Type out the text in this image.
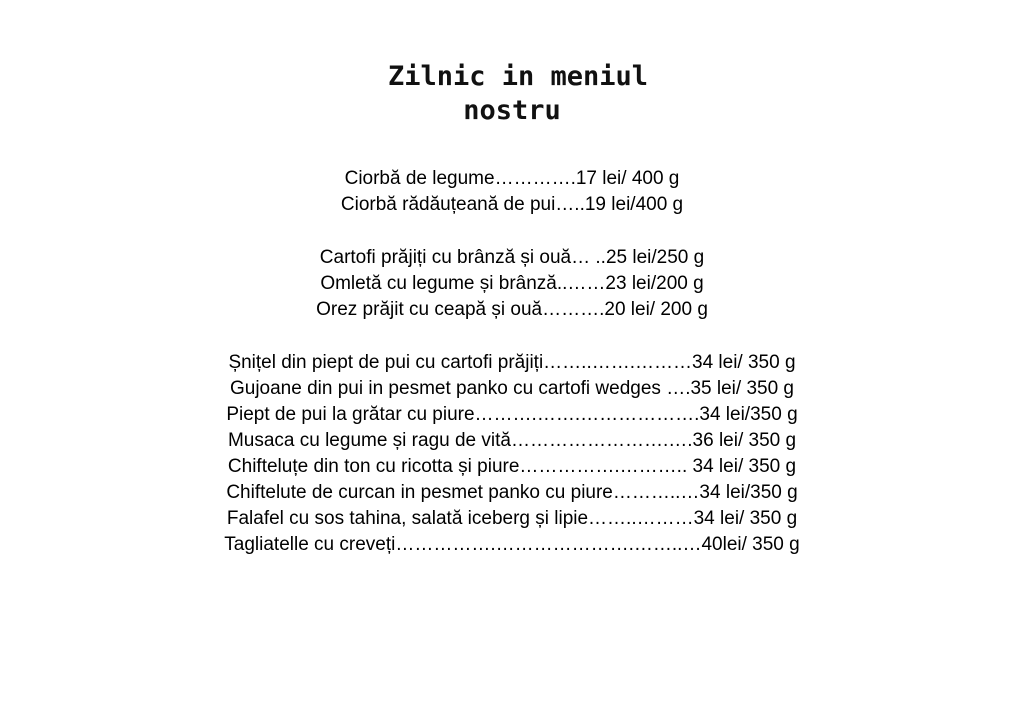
Zilnic in meniul
nostru
Ciorbă de legume………….17 lei/ 400 g
Ciorbă rădăuțeană de pui…..19 lei/400 g
Cartofi prăjiți cu brânză și ouă… ..25 lei/250 g
Omletă cu legume și brânză..……23 lei/200 g
Orez prăjit cu ceapă și ouă……….20 lei/ 200 g
Șnițel din piept de pui cu cartofi prăjiți……..…….………34 lei/ 350 g
Gujoane din pui in pesmet panko cu cartofi wedges ….35 lei/ 350 g
Piept de pui la grătar cu piure……….…….……………….34 lei/350 g
Musaca cu legume și ragu de vită…………………….….36 lei/ 350 g
Chifteluțe din ton cu ricotta și piure…………….……….. 34 lei/ 350 g
Chiftelute de curcan in pesmet panko cu piure………..…34 lei/350 g
Falafel cu sos tahina, salată iceberg și lipie……..………34 lei/ 350 g
Tagliatelle cu creveți…………….………………….……..…40lei/ 350 g
